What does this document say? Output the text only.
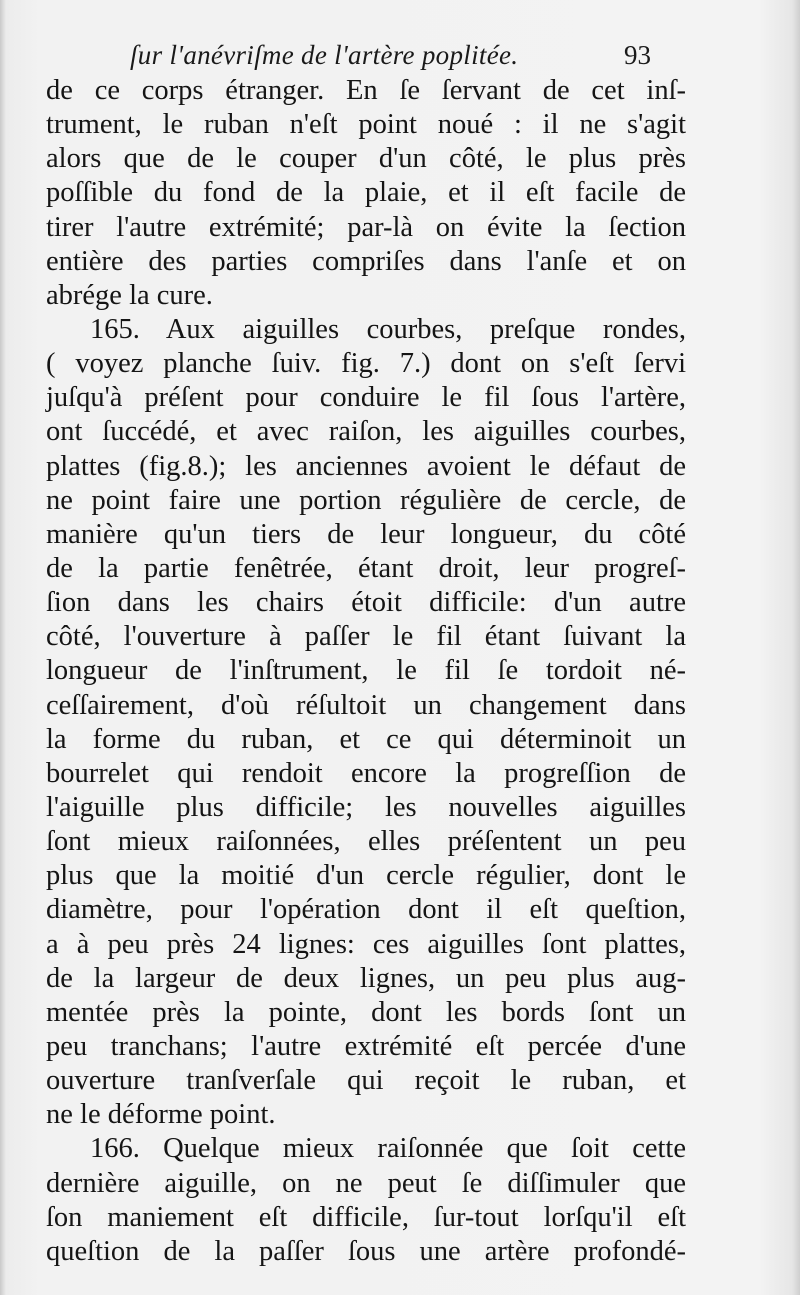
ſur l'anévriſme de l'artère poplitée.	93
de ce corps étranger. En ſe ſervant de cet inſ-
trument, le ruban n'eſt point noué : il ne s'agit
alors que de le couper d'un côté, le plus près
poſſible du fond de la plaie, et il eſt facile de
tirer l'autre extrémité; par-là on évite la ſection
entière des parties compriſes dans l'anſe et on
abrége la cure.
165. Aux aiguilles courbes, preſque rondes,
( voyez planche ſuiv. fig. 7.) dont on s'eſt ſervi
juſqu'à préſent pour conduire le fil ſous l'artère,
ont ſuccédé, et avec raiſon, les aiguilles courbes,
plattes (fig.8.); les anciennes avoient le défaut de
ne point faire une portion régulière de cercle, de
manière qu'un tiers de leur longueur, du côté
de la partie fenêtrée, étant droit, leur progreſ-
ſion dans les chairs étoit difficile: d'un autre
côté, l'ouverture à paſſer le fil étant ſuivant la
longueur de l'inſtrument, le fil ſe tordoit né-
ceſſairement, d'où réſultoit un changement dans
la forme du ruban, et ce qui déterminoit un
bourrelet qui rendoit encore la progreſſion de
l'aiguille plus difficile; les nouvelles aiguilles
ſont mieux raiſonnées, elles préſentent un peu
plus que la moitié d'un cercle régulier, dont le
diamètre, pour l'opération dont il eſt queſtion,
a à peu près 24 lignes: ces aiguilles ſont plattes,
de la largeur de deux lignes, un peu plus aug-
mentée près la pointe, dont les bords ſont un
peu tranchans; l'autre extrémité eſt percée d'une
ouverture tranſverſale qui reçoit le ruban, et
ne le déforme point.
166. Quelque mieux raiſonnée que ſoit cette
dernière aiguille, on ne peut ſe diſſimuler que
ſon maniement eſt difficile, ſur-tout lorſqu'il eſt
queſtion de la paſſer ſous une artère profondé-
